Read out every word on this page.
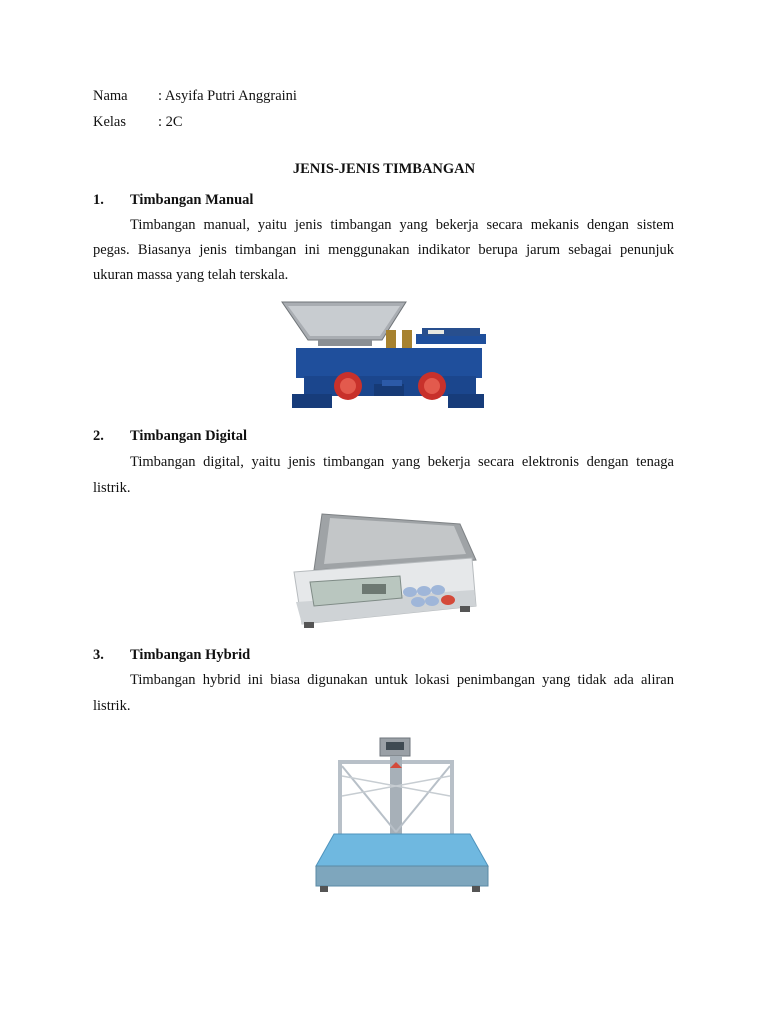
Nama : Asyifa Putri Anggraini
Kelas : 2C
JENIS-JENIS TIMBANGAN
1. Timbangan Manual
Timbangan manual, yaitu jenis timbangan yang bekerja secara mekanis dengan sistem
pegas. Biasanya jenis timbangan ini menggunakan indikator berupa jarum sebagai penunjuk
ukuran massa yang telah terskala.
2. Timbangan Digital
Timbangan digital, yaitu jenis timbangan yang bekerja secara elektronis dengan tenaga
listrik.
3. Timbangan Hybrid
Timbangan hybrid ini biasa digunakan untuk lokasi penimbangan yang tidak ada aliran
listrik.
